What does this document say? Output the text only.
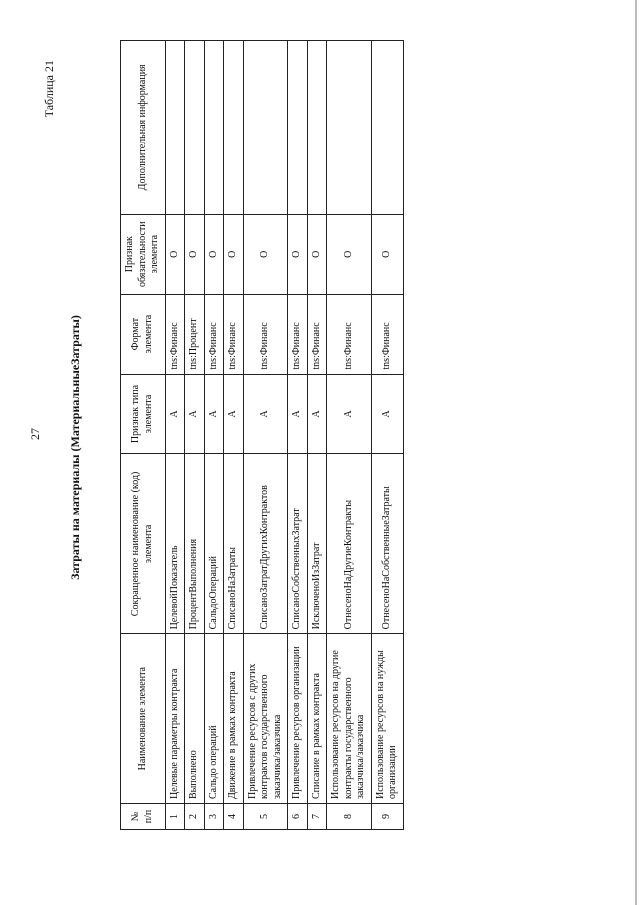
27
Таблица 21
Затраты на материалы (МатериальныеЗатраты)
№ п/п	Наименование элемента	Сокращенное наименование (код) элемента	Признак типа элемента	Формат элемента	Признак обязательности элемента	Дополнительная информация
1	Целевые параметры контракта	ЦелевойПоказатель	А	tns:Финанс	О	
2	Выполнено	ПроцентВыполнения	А	tns:Процент	О	
3	Сальдо операций	СальдоОпераций	А	tns:Финанс	О	
4	Движение в рамках контракта	СписаноНаЗатраты	А	tns:Финанс	О	
5	Привлечение ресурсов с других контрактов государственного заказчика/заказчика	СписаноЗатратДругихКонтрактов	А	tns:Финанс	О	
6	Привлечение ресурсов организации	СписаноСобственныхЗатрат	А	tns:Финанс	О	
7	Списание в рамках контракта	ИсключеноИзЗатрат	А	tns:Финанс	О	
8	Использование ресурсов на другие контракты государственного заказчика/заказчика	ОтнесеноНаДругиеКонтракты	А	tns:Финанс	О	
9	Использование ресурсов на нужды организации	ОтнесеноНаСобственныеЗатраты	А	tns:Финанс	О	
